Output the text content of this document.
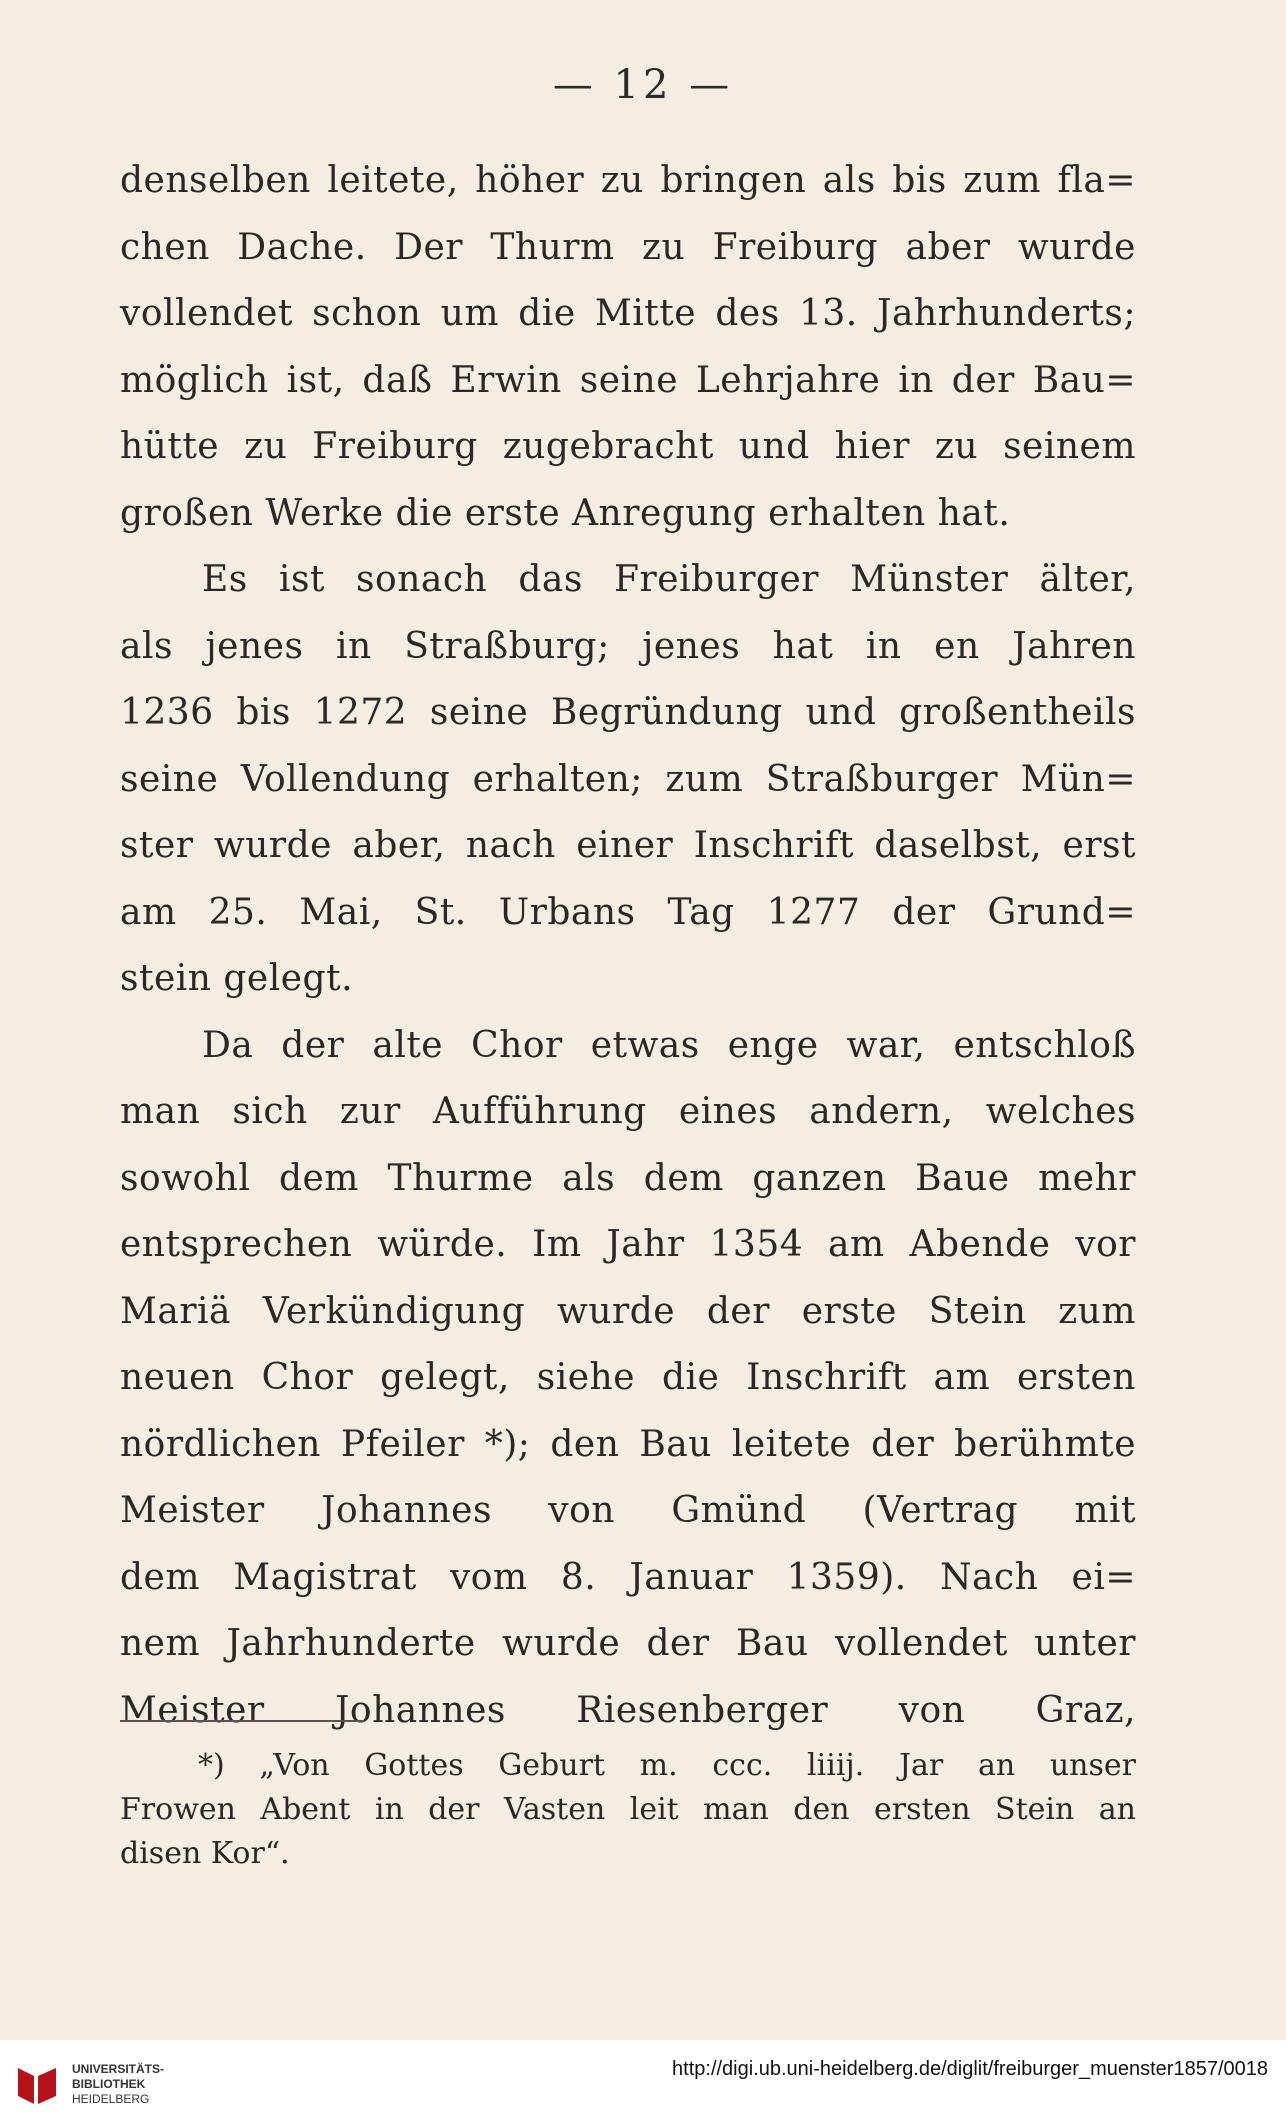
— 12 —
denselben leitete, höher zu bringen als bis zum fla=
chen Dache. Der Thurm zu Freiburg aber wurde
vollendet schon um die Mitte des 13. Jahrhunderts;
möglich ist, daß Erwin seine Lehrjahre in der Bau=
hütte zu Freiburg zugebracht und hier zu seinem
großen Werke die erste Anregung erhalten hat.
Es ist sonach das Freiburger Münster älter,
als jenes in Straßburg; jenes hat in en Jahren
1236 bis 1272 seine Begründung und großentheils
seine Vollendung erhalten; zum Straßburger Mün=
ster wurde aber, nach einer Inschrift daselbst, erst
am 25. Mai, St. Urbans Tag 1277 der Grund=
stein gelegt.
Da der alte Chor etwas enge war, entschloß
man sich zur Aufführung eines andern, welches
sowohl dem Thurme als dem ganzen Baue mehr
entsprechen würde. Im Jahr 1354 am Abende vor
Mariä Verkündigung wurde der erste Stein zum
neuen Chor gelegt, siehe die Inschrift am ersten
nördlichen Pfeiler *); den Bau leitete der berühmte
Meister Johannes von Gmünd (Vertrag mit
dem Magistrat vom 8. Januar 1359). Nach ei=
nem Jahrhunderte wurde der Bau vollendet unter
Meister Johannes Riesenberger von Graz,
*) „Von Gottes Geburt m. ccc. liiij. Jar an unser
Frowen Abent in der Vasten leit man den ersten Stein an
disen Kor“.
UNIVERSITÄTS-
BIBLIOTHEK
HEIDELBERG
http://digi.ub.uni-heidelberg.de/diglit/freiburger_muenster1857/0018
